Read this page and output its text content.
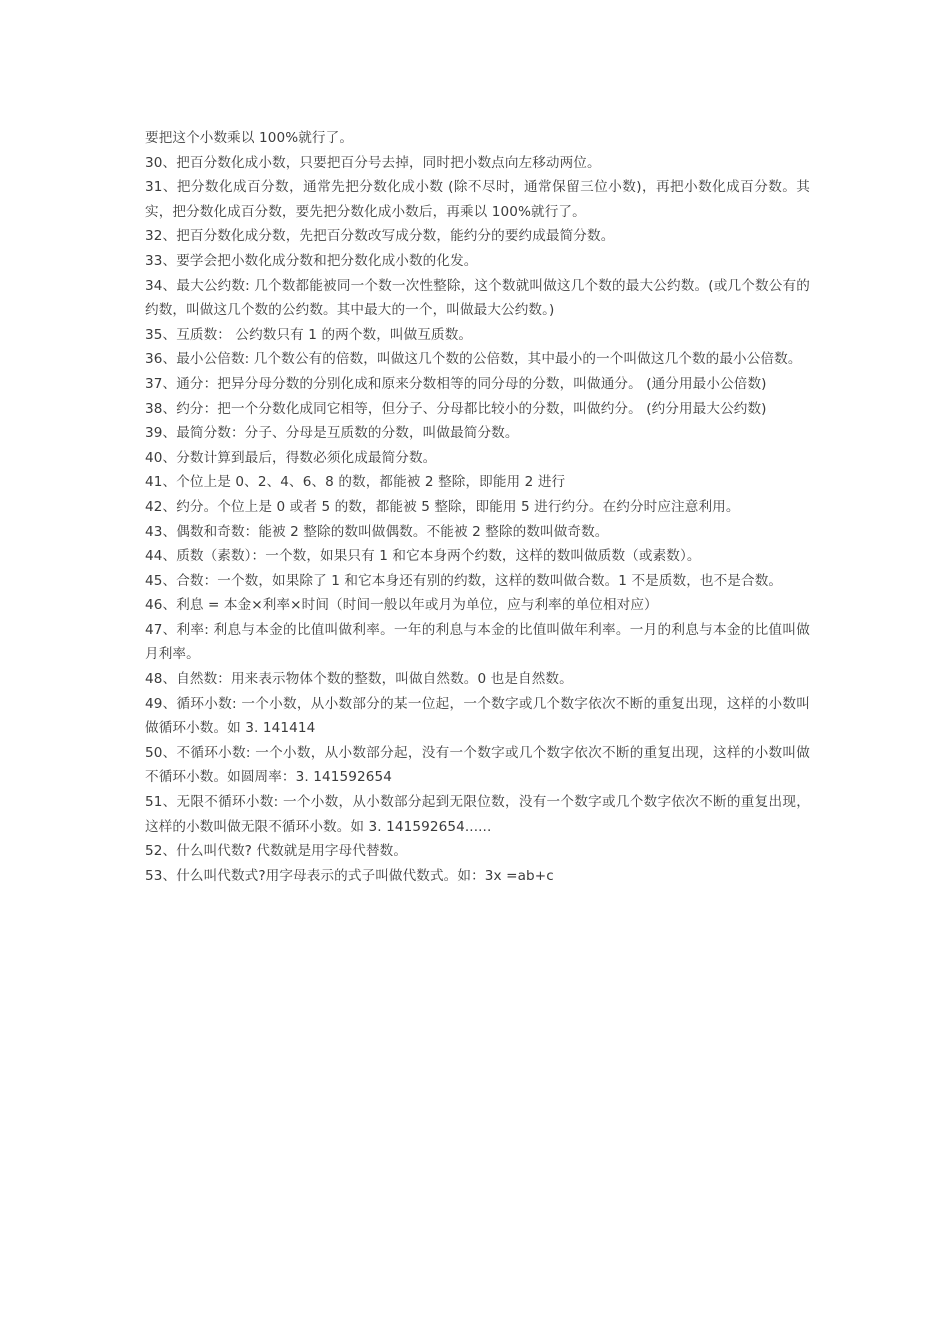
要把这个小数乘以 100%就行了。

30、把百分数化成小数，只要把百分号去掉，同时把小数点向左移动两位。

31、把分数化成百分数，通常先把分数化成小数 (除不尽时，通常保留三位小数)，再把小数化成百分数。其实，把分数化成百分数，要先把分数化成小数后，再乘以 100%就行了。

32、把百分数化成分数，先把百分数改写成分数，能约分的要约成最简分数。

33、要学会把小数化成分数和把分数化成小数的化发。

34、最大公约数: 几个数都能被同一个数一次性整除，这个数就叫做这几个数的最大公约数。(或几个数公有的约数，叫做这几个数的公约数。其中最大的一个，叫做最大公约数。)

35、互质数： 公约数只有 1 的两个数，叫做互质数。

36、最小公倍数: 几个数公有的倍数，叫做这几个数的公倍数，其中最小的一个叫做这几个数的最小公倍数。

37、通分：把异分母分数的分别化成和原来分数相等的同分母的分数，叫做通分。 (通分用最小公倍数)

38、约分：把一个分数化成同它相等，但分子、分母都比较小的分数，叫做约分。 (约分用最大公约数)

39、最简分数：分子、分母是互质数的分数，叫做最简分数。

40、分数计算到最后，得数必须化成最简分数。

41、个位上是 0、2、4、6、8 的数，都能被 2 整除，即能用 2 进行

42、约分。个位上是 0 或者 5 的数，都能被 5 整除，即能用 5 进行约分。在约分时应注意利用。

43、偶数和奇数：能被 2 整除的数叫做偶数。不能被 2 整除的数叫做奇数。

44、质数（素数）：一个数，如果只有 1 和它本身两个约数，这样的数叫做质数（或素数）。

45、合数：一个数，如果除了 1 和它本身还有别的约数，这样的数叫做合数。1 不是质数，也不是合数。

46、利息 = 本金×利率×时间（时间一般以年或月为单位，应与利率的单位相对应）

47、利率: 利息与本金的比值叫做利率。一年的利息与本金的比值叫做年利率。一月的利息与本金的比值叫做月利率。

48、自然数：用来表示物体个数的整数，叫做自然数。0 也是自然数。

49、循环小数: 一个小数，从小数部分的某一位起，一个数字或几个数字依次不断的重复出现，这样的小数叫做循环小数。如 3. 141414

50、不循环小数: 一个小数，从小数部分起，没有一个数字或几个数字依次不断的重复出现，这样的小数叫做不循环小数。如圆周率：3. 141592654

51、无限不循环小数: 一个小数，从小数部分起到无限位数，没有一个数字或几个数字依次不断的重复出现，这样的小数叫做无限不循环小数。如 3. 141592654......

52、什么叫代数? 代数就是用字母代替数。

53、什么叫代数式?用字母表示的式子叫做代数式。如：3x =ab+c
